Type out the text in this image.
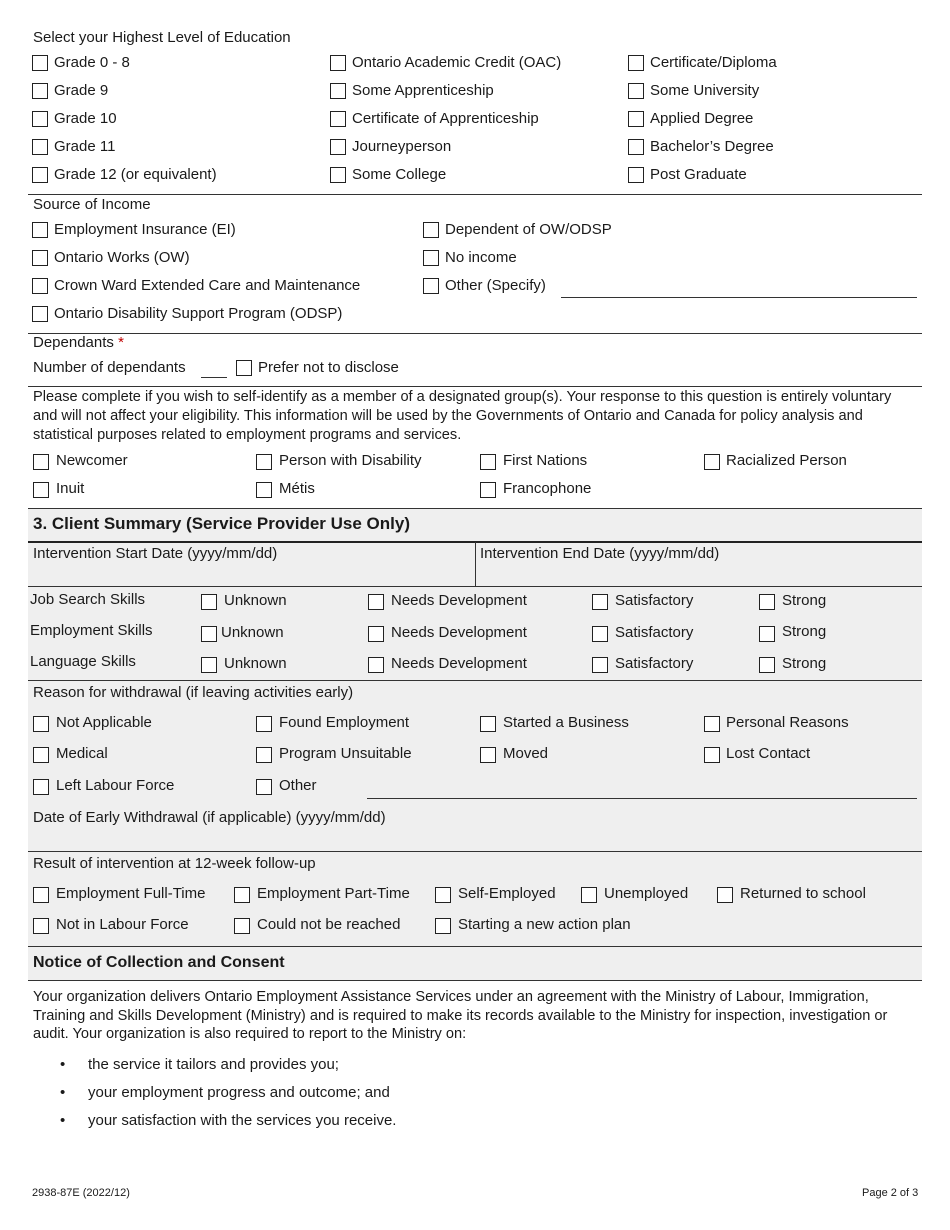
Select your Highest Level of Education
Grade 0 - 8
Grade 9
Grade 10
Grade 11
Grade 12 (or equivalent)
Ontario Academic Credit (OAC)
Some Apprenticeship
Certificate of Apprenticeship
Journeyperson
Some College
Certificate/Diploma
Some University
Applied Degree
Bachelor’s Degree
Post Graduate
Source of Income
Employment Insurance (EI)
Ontario Works (OW)
Crown Ward Extended Care and Maintenance
Ontario Disability Support Program (ODSP)
Dependent of OW/ODSP
No income
Other (Specify)
Dependants *
Number of dependants	Prefer not to disclose
Please complete if you wish to self-identify as a member of a designated group(s). Your response to this question is entirely voluntary and will not affect your eligibility. This information will be used by the Governments of Ontario and Canada for policy analysis and statistical purposes related to employment programs and services.
Newcomer	Person with Disability	First Nations	Racialized Person
Inuit	Métis	Francophone
3. Client Summary (Service Provider Use Only)
Intervention Start Date (yyyy/mm/dd)	Intervention End Date (yyyy/mm/dd)
Job Search Skills	Unknown	Needs Development	Satisfactory	Strong
Employment Skills	Unknown	Needs Development	Satisfactory	Strong
Language Skills	Unknown	Needs Development	Satisfactory	Strong
Reason for withdrawal (if leaving activities early)
Not Applicable	Found Employment	Started a Business	Personal Reasons
Medical	Program Unsuitable	Moved	Lost Contact
Left Labour Force	Other
Date of Early Withdrawal (if applicable) (yyyy/mm/dd)
Result of intervention at 12-week follow-up
Employment Full-Time	Employment Part-Time	Self-Employed	Unemployed	Returned to school
Not in Labour Force	Could not be reached	Starting a new action plan
Notice of Collection and Consent
Your organization delivers Ontario Employment Assistance Services under an agreement with the Ministry of Labour, Immigration, Training and Skills Development (Ministry) and is required to make its records available to the Ministry for inspection, investigation or audit. Your organization is also required to report to the Ministry on:
• the service it tailors and provides you;
• your employment progress and outcome; and
• your satisfaction with the services you receive.
2938-87E (2022/12)	Page 2 of 3
